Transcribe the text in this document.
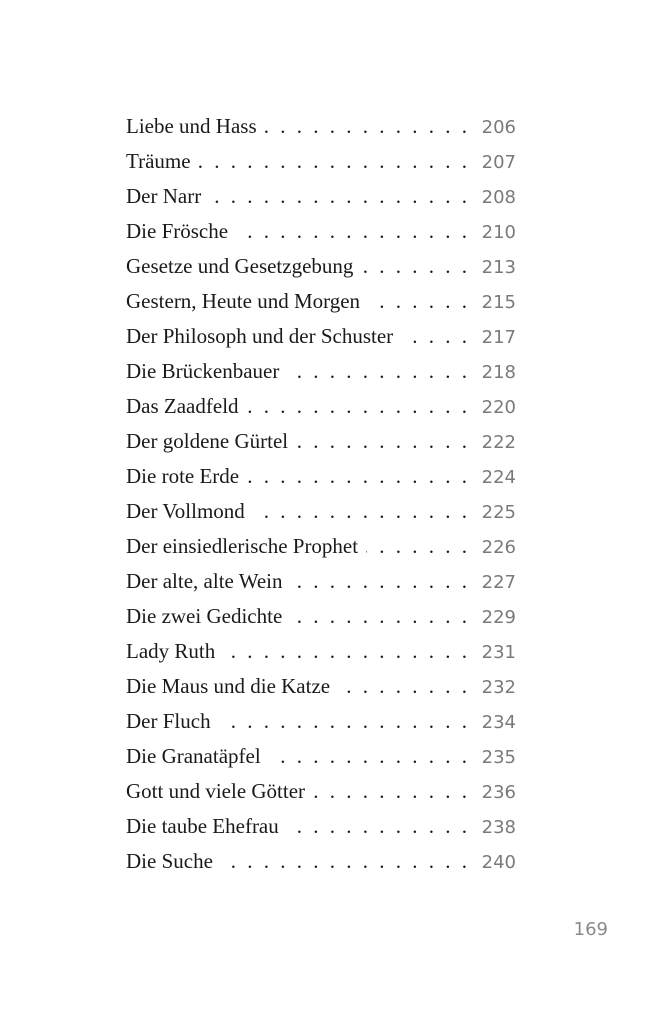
Liebe und Hass . . .	206
Träume . . .	207
Der Narr . . .	208
Die Frösche . . .	210
Gesetze und Gesetzgebung . . .	213
Gestern, Heute und Morgen . . .	215
Der Philosoph und der Schuster . . .	217
Die Brückenbauer . . .	218
Das Zaadfeld . . .	220
Der goldene Gürtel . . .	222
Die rote Erde . . .	224
Der Vollmond . . .	225
Der einsiedlerische Prophet . . .	226
Der alte, alte Wein . . .	227
Die zwei Gedichte . . .	229
Lady Ruth . . .	231
Die Maus und die Katze . . .	232
Der Fluch . . .	234
Die Granatäpfel . . .	235
Gott und viele Götter . . .	236
Die taube Ehefrau . . .	238
Die Suche . . .	240
169
